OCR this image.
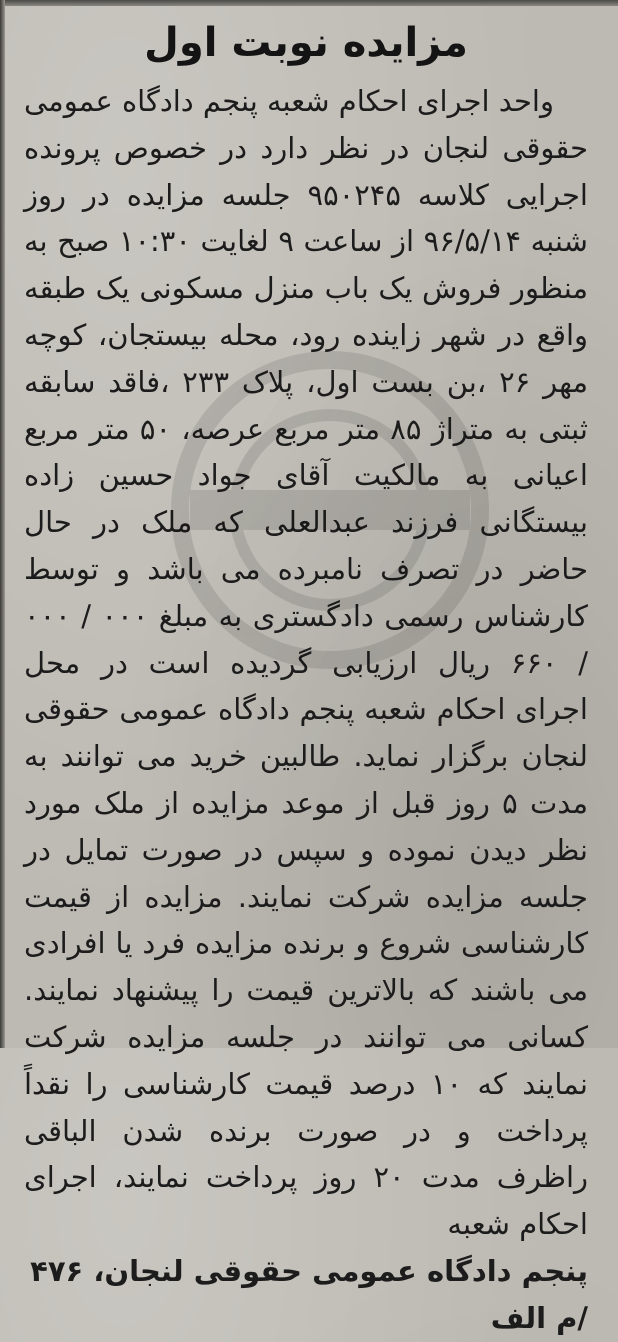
مزایده نوبت اول

واحد اجرای احکام شعبه پنجم دادگاه عمومی حقوقی لنجان در نظر دارد در خصوص پرونده اجرایی کلاسه ۹۵۰۲۴۵ جلسه مزایده در روز شنبه ۹۶/۵/۱۴ از ساعت ۹ لغایت ۱۰:۳۰ صبح به منظور فروش یک باب منزل مسکونی یک طبقه واقع در شهر زاینده رود، محله بیستجان، کوچه مهر ۲۶ ،بن بست اول، پلاک ۲۳۳ ،فاقد سابقه ثبتی به متراژ ۸۵ متر مربع عرصه، ۵۰ متر مربع اعیانی به مالکیت آقای جواد حسین زاده بیستگانی فرزند عبدالعلی که ملک در حال حاضر در تصرف نامبرده می باشد و توسط کارشناس رسمی دادگستری به مبلغ ۰۰۰ / ۰۰۰ / ۶۶۰ ریال ارزیابی گردیده است در محل اجرای احکام شعبه پنجم دادگاه عمومی حقوقی لنجان برگزار نماید. طالبین خرید می توانند به مدت ۵ روز قبل از موعد مزایده از ملک مورد نظر دیدن نموده و سپس در صورت تمایل در جلسه مزایده شرکت نمایند. مزایده از قیمت کارشناسی شروع و برنده مزایده فرد یا افرادی می باشند که بالاترین قیمت را پیشنهاد نمایند. کسانی می توانند در جلسه مزایده شرکت نمایند که ۱۰ درصد قیمت کارشناسی را نقداً پرداخت و در صورت برنده شدن الباقی راظرف مدت ۲۰ روز پرداخت نمایند، اجرای احکام شعبه

پنجم دادگاه عمومی حقوقی لنجان، ۴۷۶ /م الف
